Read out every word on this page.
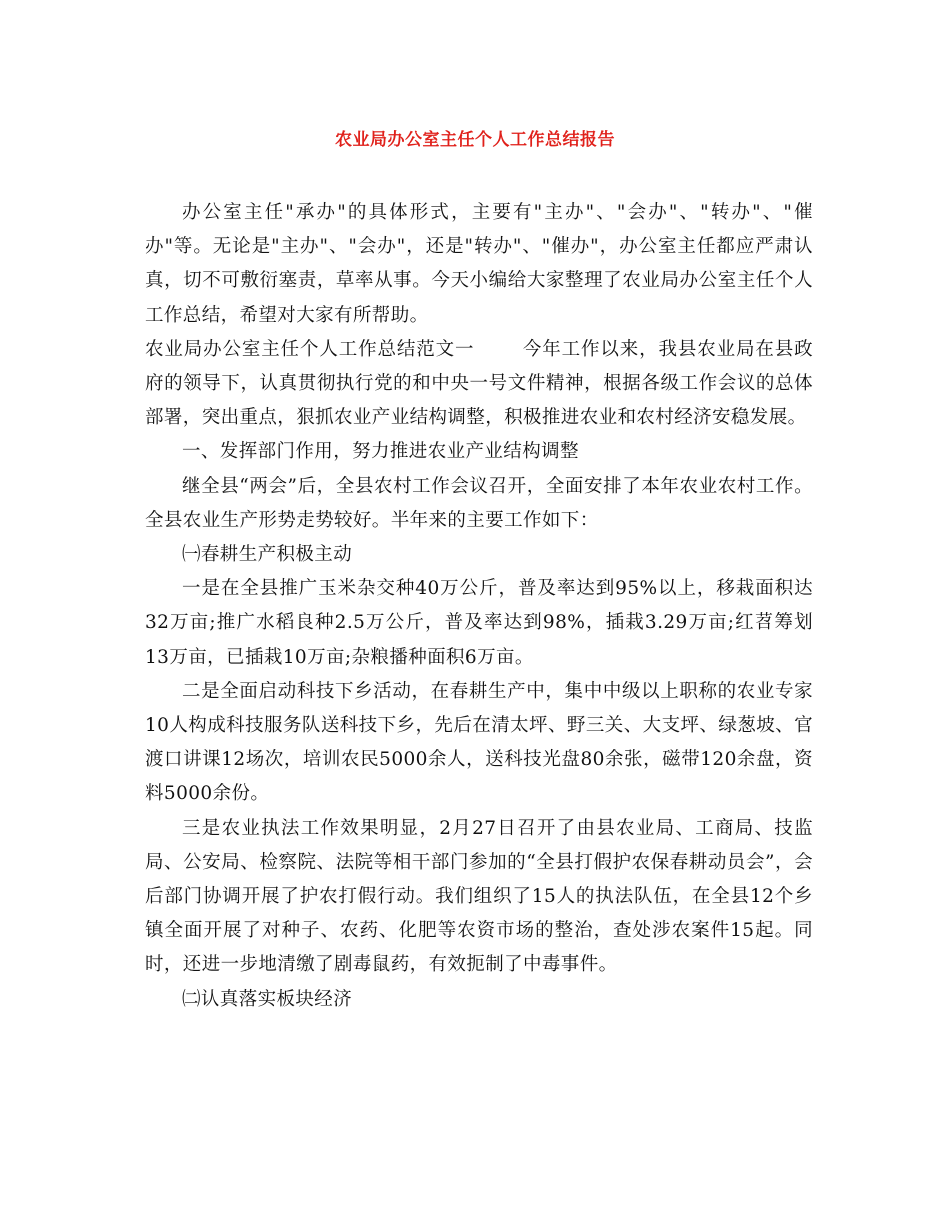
农业局办公室主任个人工作总结报告

办公室主任"承办"的具体形式，主要有"主办"、"会办"、"转办"、"催办"等。无论是"主办"、"会办"，还是"转办"、"催办"，办公室主任都应严肃认真，切不可敷衍塞责，草率从事。今天小编给大家整理了农业局办公室主任个人工作总结，希望对大家有所帮助。

农业局办公室主任个人工作总结范文一	今年工作以来，我县农业局在县政府的领导下，认真贯彻执行党的和中央一号文件精神，根据各级工作会议的总体部署，突出重点，狠抓农业产业结构调整，积极推进农业和农村经济安稳发展。

一、发挥部门作用，努力推进农业产业结构调整

继全县“两会”后，全县农村工作会议召开，全面安排了本年农业农村工作。全县农业生产形势走势较好。半年来的主要工作如下：

㈠春耕生产积极主动

一是在全县推广玉米杂交种40万公斤，普及率达到95%以上，移栽面积达32万亩;推广水稻良种2.5万公斤，普及率达到98%，插栽3.29万亩;红苕筹划13万亩，已插栽10万亩;杂粮播种面积6万亩。

二是全面启动科技下乡活动，在春耕生产中，集中中级以上职称的农业专家10人构成科技服务队送科技下乡，先后在清太坪、野三关、大支坪、绿葱坡、官渡口讲课12场次，培训农民5000余人，送科技光盘80余张，磁带120余盘，资料5000余份。

三是农业执法工作效果明显，2月27日召开了由县农业局、工商局、技监局、公安局、检察院、法院等相干部门参加的“全县打假护农保春耕动员会”，会后部门协调开展了护农打假行动。我们组织了15人的执法队伍，在全县12个乡镇全面开展了对种子、农药、化肥等农资市场的整治，查处涉农案件15起。同时，还进一步地清缴了剧毒鼠药，有效扼制了中毒事件。

㈡认真落实板块经济
